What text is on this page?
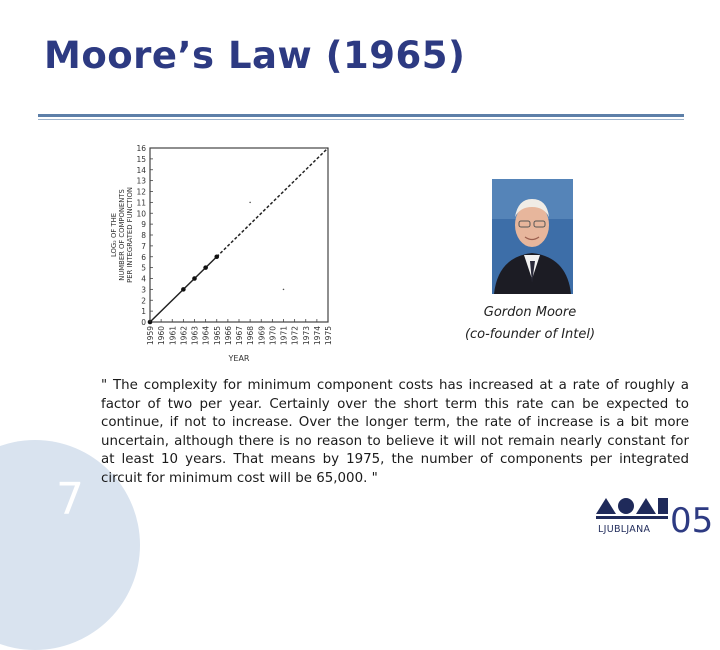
7
Moore’s Law (1965)
LOG₂ OF THE NUMBER OF COMPONENTS PER INTEGRATED FUNCTION
0
1
2
3
4
5
6
7
8
9
10
11
12
13
14
15
16
1959 1960 1961 1962 1963 1964 1965 1966 1967 1968 1969 1970 1971 1972 1973 1974 1975
YEAR
Gordon Moore
(co-founder of Intel)
" The complexity for minimum component costs has increased at a rate of roughly a factor of two per year. Certainly over the short term this rate can be expected to continue, if not to increase. Over the longer term, the rate of increase is a bit more uncertain, although there is no reason to believe it will not remain nearly constant for at least 10 years. That means by 1975, the number of components per integrated circuit for minimum cost will be 65,000. "
LJUBLJANA 05
